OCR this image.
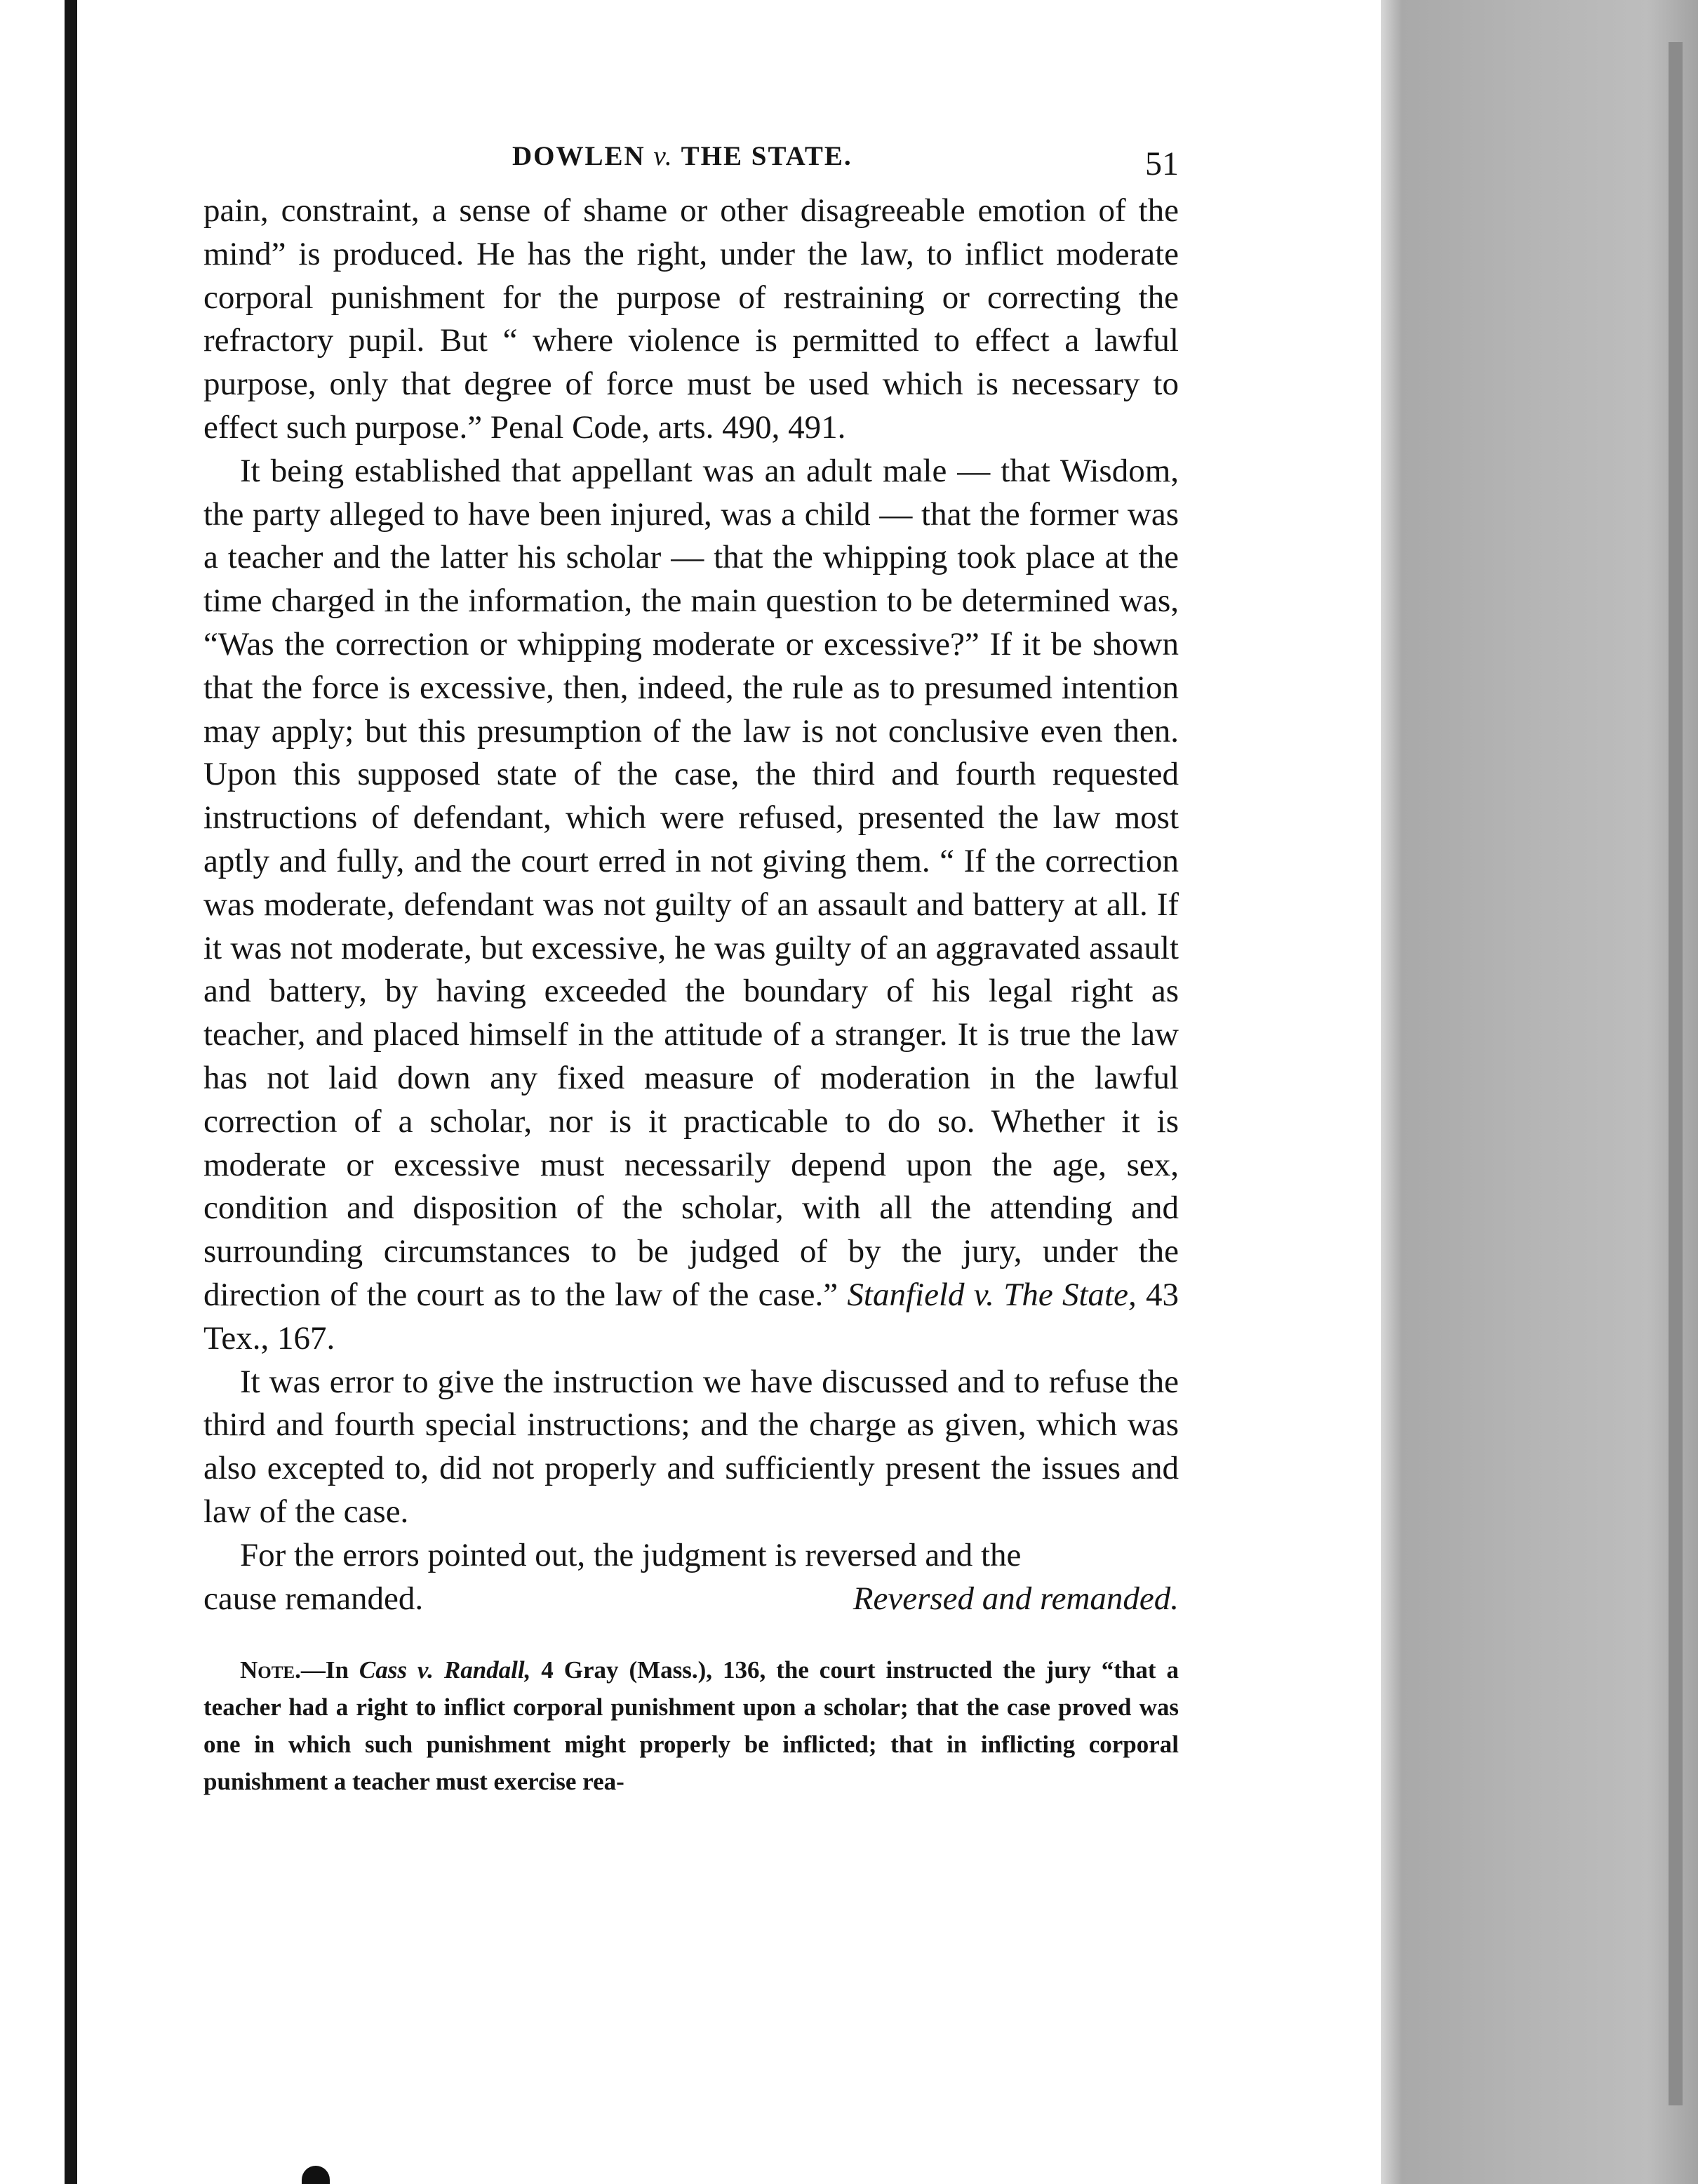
DOWLEN v. THE STATE.	51

pain, constraint, a sense of shame or other disagreeable emotion of the mind” is produced. He has the right, under the law, to inflict moderate corporal punishment for the purpose of restraining or correcting the refractory pupil. But “ where violence is permitted to effect a lawful purpose, only that degree of force must be used which is necessary to effect such purpose.” Penal Code, arts. 490, 491.

It being established that appellant was an adult male — that Wisdom, the party alleged to have been injured, was a child — that the former was a teacher and the latter his scholar — that the whipping took place at the time charged in the information, the main question to be determined was, “Was the correction or whipping moderate or excessive?” If it be shown that the force is excessive, then, indeed, the rule as to presumed intention may apply; but this presumption of the law is not conclusive even then. Upon this supposed state of the case, the third and fourth requested instructions of defendant, which were refused, presented the law most aptly and fully, and the court erred in not giving them. “ If the correction was moderate, defendant was not guilty of an assault and battery at all. If it was not moderate, but excessive, he was guilty of an aggravated assault and battery, by having exceeded the boundary of his legal right as teacher, and placed himself in the attitude of a stranger. It is true the law has not laid down any fixed measure of moderation in the lawful correction of a scholar, nor is it practicable to do so. Whether it is moderate or excessive must necessarily depend upon the age, sex, condition and disposition of the scholar, with all the attending and surrounding circumstances to be judged of by the jury, under the direction of the court as to the law of the case.” Stanfield v. The State, 43 Tex., 167.

It was error to give the instruction we have discussed and to refuse the third and fourth special instructions; and the charge as given, which was also excepted to, did not properly and sufficiently present the issues and law of the case.

For the errors pointed out, the judgment is reversed and the

cause remanded.	Reversed and remanded.
Note.—In Cass v. Randall, 4 Gray (Mass.), 136, the court instructed the jury “that a teacher had a right to inflict corporal punishment upon a scholar; that the case proved was one in which such punishment might properly be inflicted; that in inflicting corporal punishment a teacher must exercise rea-
